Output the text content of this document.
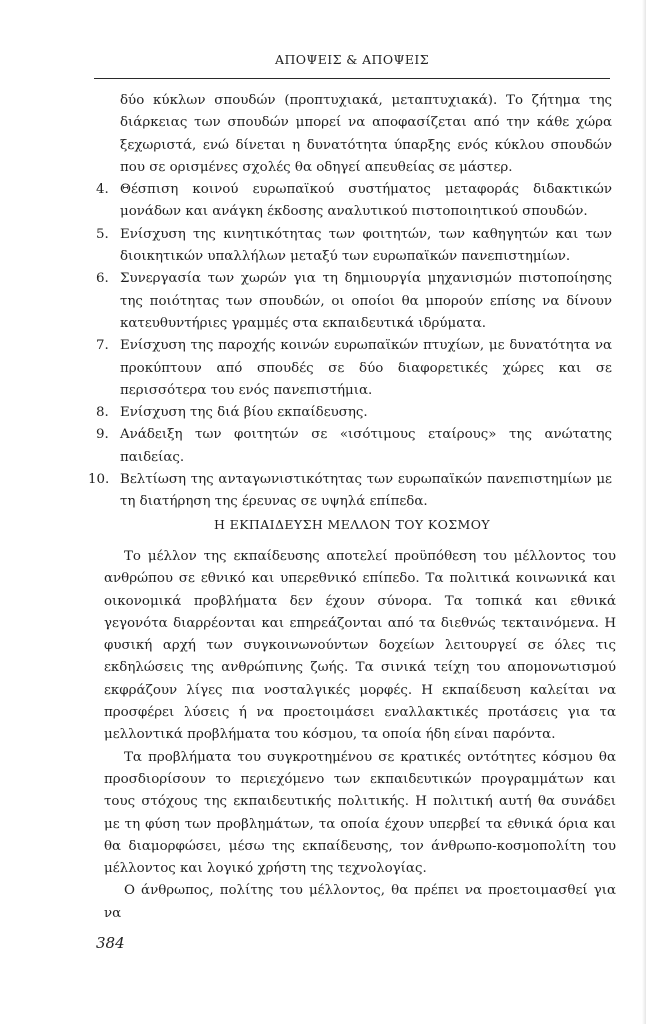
ΑΠΟΨΕΙΣ & ΑΠΟΨΕΙΣ
δύο κύκλων σπουδών (προπτυχιακά, μεταπτυχιακά). Το ζήτημα της διάρκειας των σπουδών μπορεί να αποφασίζεται από την κάθε χώρα ξεχωριστά, ενώ δίνεται η δυνατότητα ύπαρξης ενός κύκλου σπουδών που σε ορισμένες σχολές θα οδηγεί απευθείας σε μάστερ.
4. Θέσπιση κοινού ευρωπαϊκού συστήματος μεταφοράς διδακτικών μονάδων και ανάγκη έκδοσης αναλυτικού πιστοποιητικού σπουδών.
5. Ενίσχυση της κινητικότητας των φοιτητών, των καθηγητών και των διοικητικών υπαλλήλων μεταξύ των ευρωπαϊκών πανεπιστημίων.
6. Συνεργασία των χωρών για τη δημιουργία μηχανισμών πιστοποίησης της ποιότητας των σπουδών, οι οποίοι θα μπορούν επίσης να δίνουν κατευθυντήριες γραμμές στα εκπαιδευτικά ιδρύματα.
7. Ενίσχυση της παροχής κοινών ευρωπαϊκών πτυχίων, με δυνατότητα να προκύπτουν από σπουδές σε δύο διαφορετικές χώρες και σε περισσότερα του ενός πανεπιστήμια.
8. Ενίσχυση της διά βίου εκπαίδευσης.
9. Ανάδειξη των φοιτητών σε «ισότιμους εταίρους» της ανώτατης παιδείας.
10. Βελτίωση της ανταγωνιστικότητας των ευρωπαϊκών πανεπιστημίων με τη διατήρηση της έρευνας σε υψηλά επίπεδα.
Η ΕΚΠΑΙΔΕΥΣΗ ΜΕΛΛΟΝ ΤΟΥ ΚΟΣΜΟΥ

Το μέλλον της εκπαίδευσης αποτελεί προϋπόθεση του μέλλοντος του ανθρώπου σε εθνικό και υπερεθνικό επίπεδο. Τα πολιτικά κοινωνικά και οικονομικά προβλήματα δεν έχουν σύνορα. Τα τοπικά και εθνικά γεγονότα διαρρέονται και επηρεάζονται από τα διεθνώς τεκταινόμενα. Η φυσική αρχή των συγκοινωνούντων δοχείων λειτουργεί σε όλες τις εκδηλώσεις της ανθρώπινης ζωής. Τα σινικά τείχη του απομονωτισμού εκφράζουν λίγες πια νοσταλγικές μορφές. Η εκπαίδευση καλείται να προσφέρει λύσεις ή να προετοιμάσει εναλλακτικές προτάσεις για τα μελλοντικά προβλήματα του κόσμου, τα οποία ήδη είναι παρόντα.

Τα προβλήματα του συγκροτημένου σε κρατικές οντότητες κόσμου θα προσδιορίσουν το περιεχόμενο των εκπαιδευτικών προγραμμάτων και τους στόχους της εκπαιδευτικής πολιτικής. Η πολιτική αυτή θα συνάδει με τη φύση των προβλημάτων, τα οποία έχουν υπερβεί τα εθνικά όρια και θα διαμορφώσει, μέσω της εκπαίδευσης, τον άνθρωπο-κοσμοπολίτη του μέλλοντος και λογικό χρήστη της τεχνολογίας.

Ο άνθρωπος, πολίτης του μέλλοντος, θα πρέπει να προετοιμασθεί για να

384
